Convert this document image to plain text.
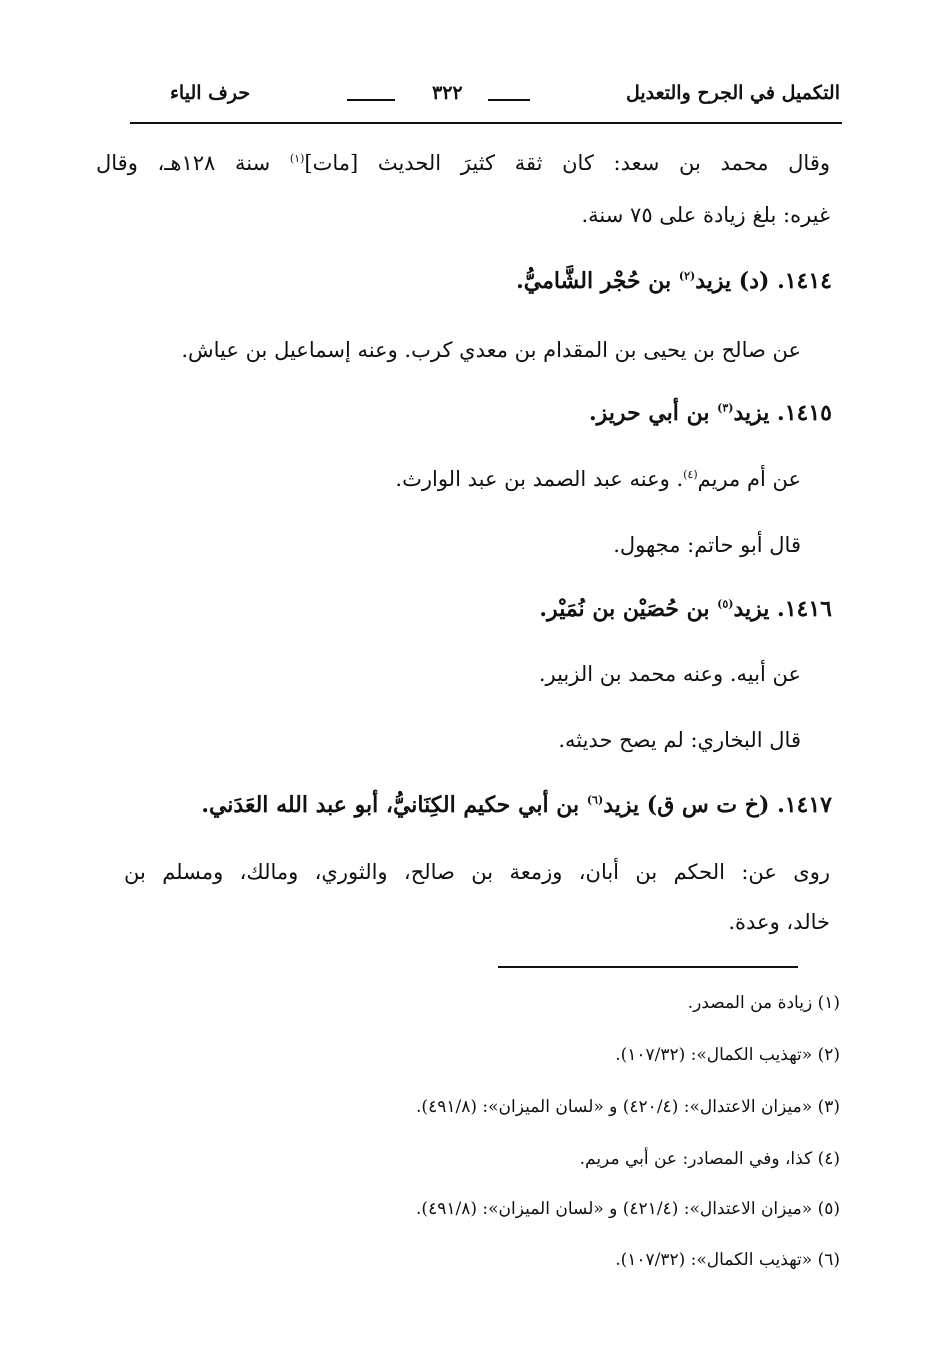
التكميل في الجرح والتعديل
٣٢٢
حرف الياء
وقال محمد بن سعد: كان ثقة كثيرَ الحديث [مات]$^{(١)}$ سنة ١٢٨هـ، وقال
غيره: بلغ زيادة على ٧٥ سنة.
١٤١٤. (د) يزيد$^{(٢)}$ بن حُجْر الشَّاميُّ.
عن صالح بن يحيى بن المقدام بن معدي كرب. وعنه إسماعيل بن عياش.
١٤١٥. يزيد$^{(٣)}$ بن أبي حريز.
عن أم مريم$^{(٤)}$. وعنه عبد الصمد بن عبد الوارث.
قال أبو حاتم: مجهول.
١٤١٦. يزيد$^{(٥)}$ بن حُصَيْن بن نُمَيْر.
عن أبيه. وعنه محمد بن الزبير.
قال البخاري: لم يصح حديثه.
١٤١٧. (خ ت س ق) يزيد$^{(٦)}$ بن أبي حكيم الكِنَانيُّ، أبو عبد الله العَدَني.
روى عن: الحكم بن أبان، وزمعة بن صالح، والثوري، ومالك، ومسلم بن
خالد، وعدة.
(١) زيادة من المصدر.
(٢) «تهذيب الكمال»: (١٠٧/٣٢).
(٣) «ميزان الاعتدال»: (٤٢٠/٤) و «لسان الميزان»: (٤٩١/٨).
(٤) كذا، وفي المصادر: عن أبي مريم.
(٥) «ميزان الاعتدال»: (٤٢١/٤) و «لسان الميزان»: (٤٩١/٨).
(٦) «تهذيب الكمال»: (١٠٧/٣٢).
